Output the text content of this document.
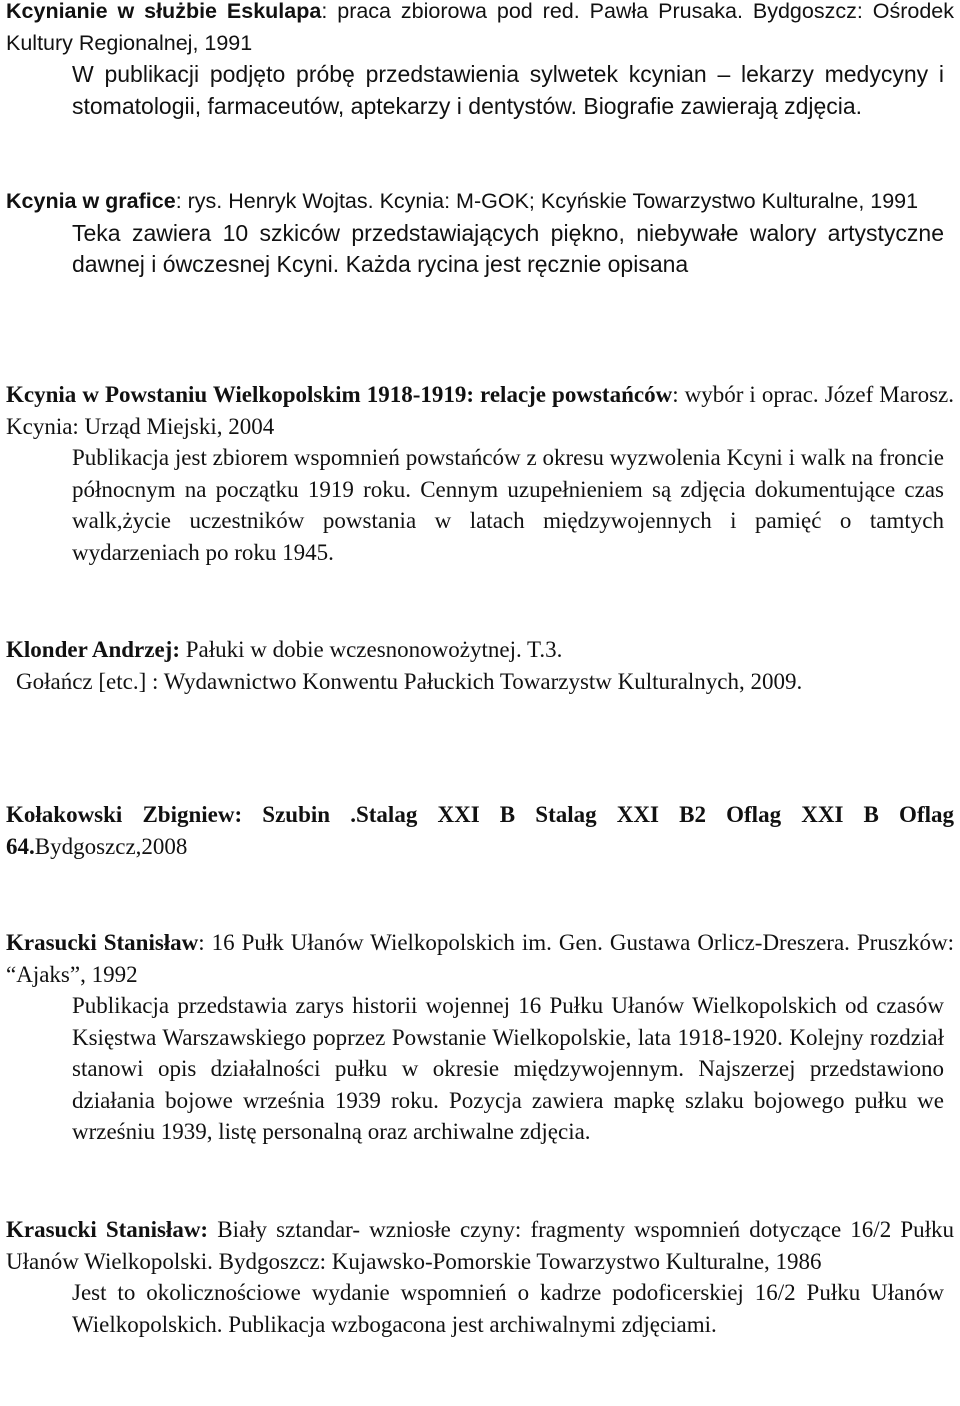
Kcynianie w służbie Eskulapa: praca zbiorowa pod red. Pawła Prusaka. Bydgoszcz: Ośrodek Kultury Regionalnej, 1991

W publikacji podjęto próbę przedstawienia sylwetek kcynian – lekarzy medycyny i stomatologii, farmaceutów, aptekarzy i dentystów. Biografie zawierają zdjęcia.

Kcynia w grafice: rys. Henryk Wojtas. Kcynia: M-GOK; Kcyńskie Towarzystwo Kulturalne, 1991

Teka zawiera 10 szkiców przedstawiających piękno, niebywałe walory artystyczne dawnej i ówczesnej Kcyni. Każda rycina jest ręcznie opisana

Kcynia w Powstaniu Wielkopolskim 1918-1919: relacje powstańców: wybór i oprac. Józef Marosz. Kcynia: Urząd Miejski, 2004

Publikacja jest zbiorem wspomnień powstańców z okresu wyzwolenia Kcyni i walk na froncie północnym na początku 1919 roku. Cennym uzupełnieniem są zdjęcia dokumentujące czas walk,życie uczestników powstania w latach międzywojennych i pamięć o tamtych wydarzeniach po roku 1945.

Klonder Andrzej: Pałuki w dobie wczesnonowożytnej. T.3.

Gołańcz [etc.] : Wydawnictwo Konwentu Pałuckich Towarzystw Kulturalnych, 2009.

Kołakowski Zbigniew: Szubin .Stalag XXI B Stalag XXI B2 Oflag XXI B Oflag 64.Bydgoszcz,2008

Krasucki Stanisław: 16 Pułk Ułanów Wielkopolskich im. Gen. Gustawa Orlicz-Dreszera. Pruszków: “Ajaks”, 1992

Publikacja przedstawia zarys historii wojennej 16 Pułku Ułanów Wielkopolskich od czasów Księstwa Warszawskiego poprzez Powstanie Wielkopolskie, lata 1918-1920. Kolejny rozdział stanowi opis działalności pułku w okresie międzywojennym. Najszerzej przedstawiono działania bojowe września 1939 roku. Pozycja zawiera mapkę szlaku bojowego pułku we wrześniu 1939, listę personalną oraz archiwalne zdjęcia.

Krasucki Stanisław: Biały sztandar- wzniosłe czyny: fragmenty wspomnień dotyczące 16/2 Pułku Ułanów Wielkopolski. Bydgoszcz: Kujawsko-Pomorskie Towarzystwo Kulturalne, 1986

Jest to okolicznościowe wydanie wspomnień o kadrze podoficerskiej 16/2 Pułku Ułanów Wielkopolskich. Publikacja wzbogacona jest archiwalnymi zdjęciami.
